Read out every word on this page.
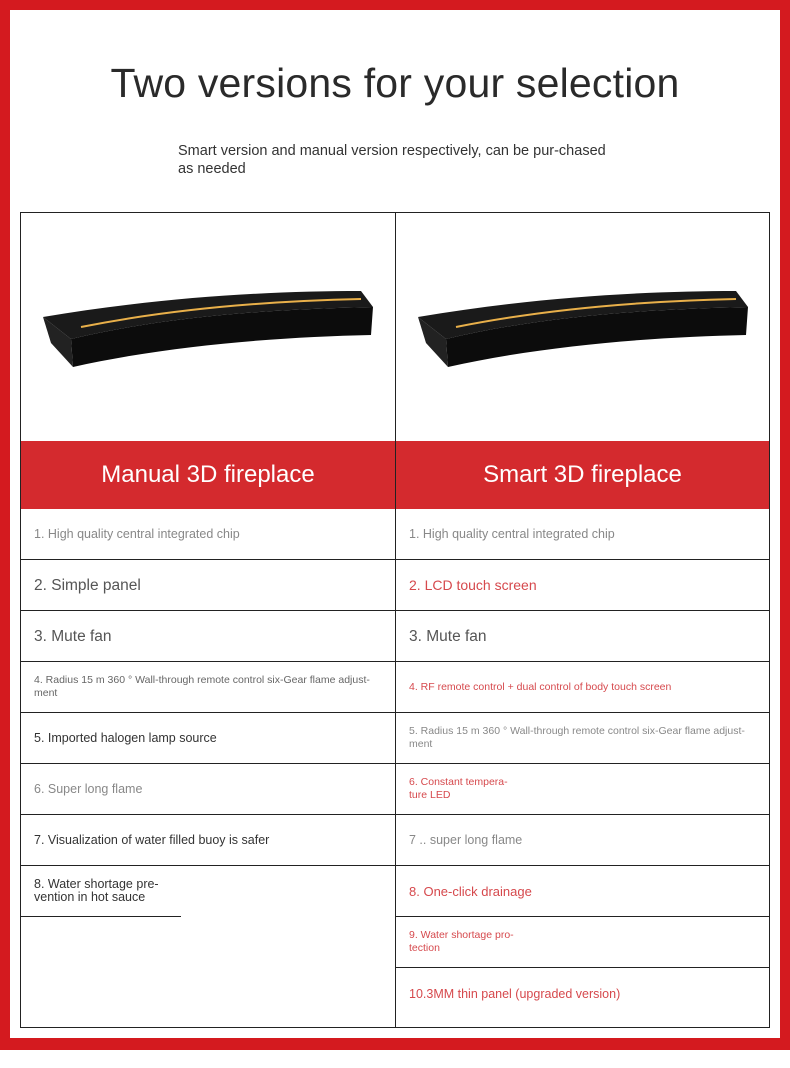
Two versions for your selection

Smart version and manual version respectively, can be pur-chased as needed

Manual 3D fireplace
1. High quality central integrated chip
2. Simple panel
3. Mute fan
4. Radius 15 m 360 ° Wall-through remote control six-Gear flame adjust-ment
5. Imported halogen lamp source
6. Super long flame
7. Visualization of water filled buoy is safer
8. Water shortage pre-vention in hot sauce
Smart 3D fireplace
1. High quality central integrated chip
2. LCD touch screen
3. Mute fan
4. RF remote control + dual control of body touch screen
5. Radius 15 m 360 ° Wall-through remote control six-Gear flame adjust-ment
6. Constant tempera-ture LED
7 .. super long flame
8. One-click drainage
9. Water shortage pro-tection
10.3MM thin panel (upgraded version)
